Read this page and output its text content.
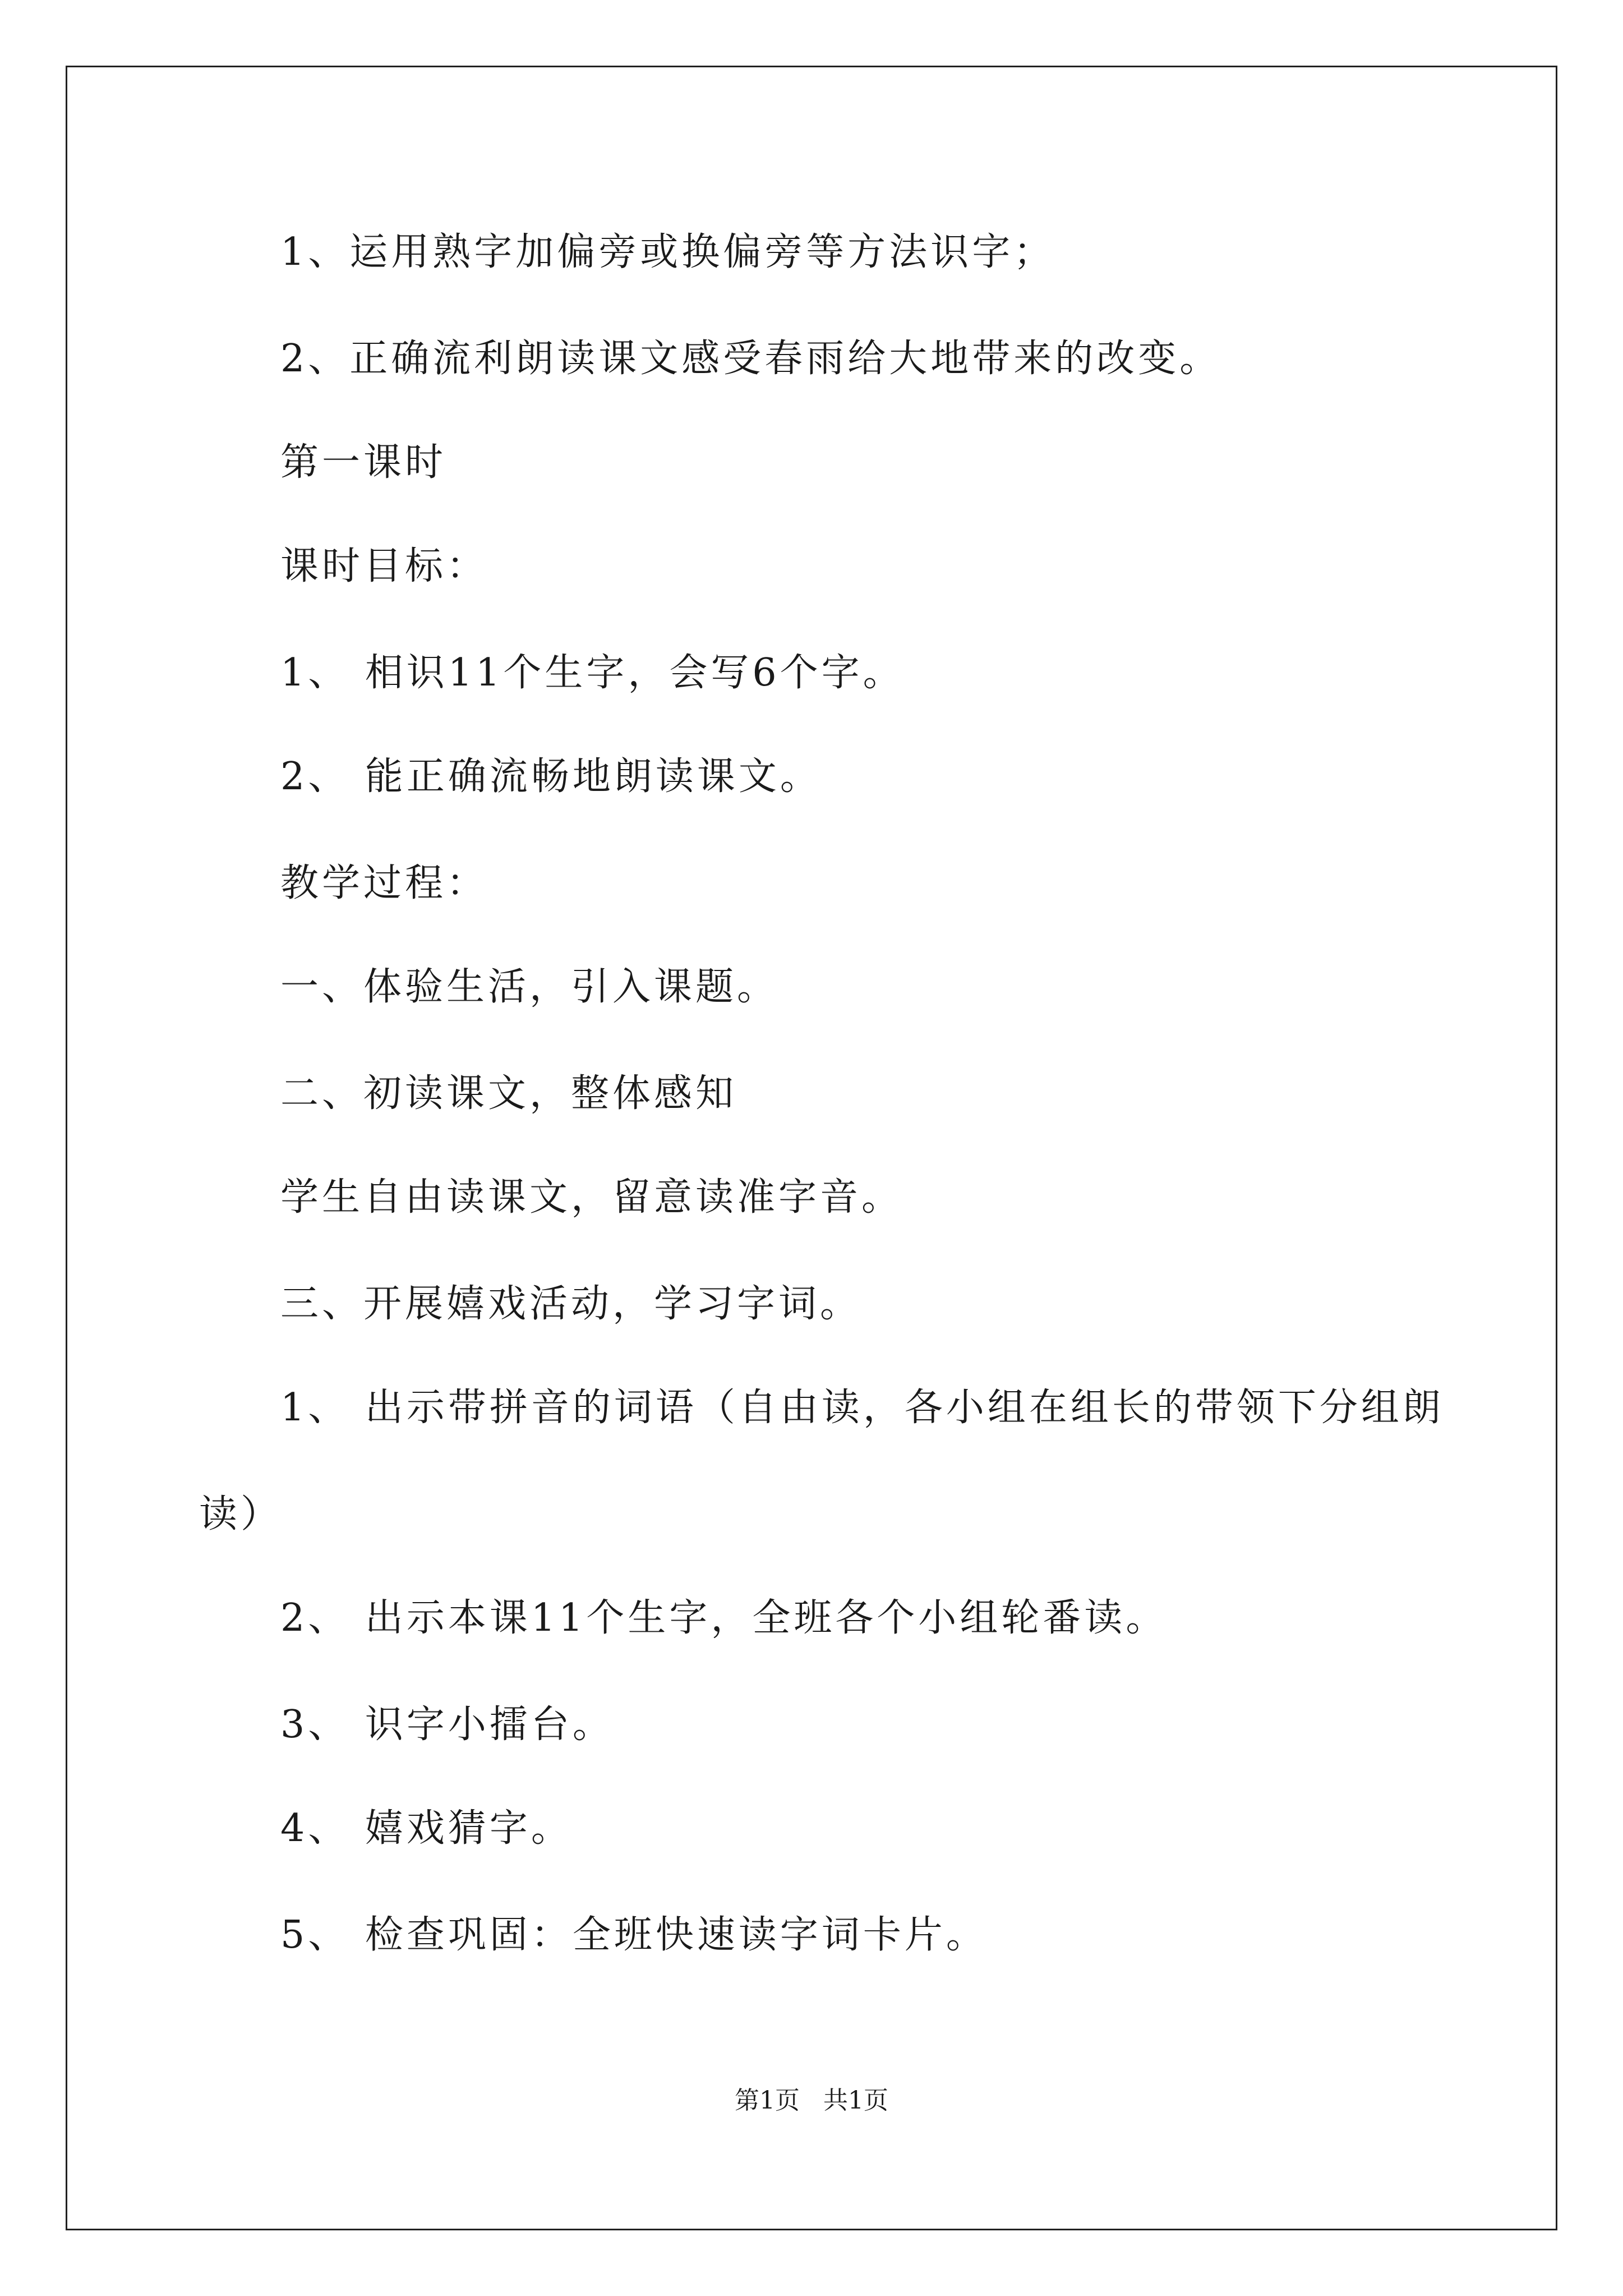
1、运用熟字加偏旁或换偏旁等方法识字；
2、正确流利朗读课文感受春雨给大地带来的改变。
第一课时
课时目标：
1、 相识11个生字，会写6个字。
2、 能正确流畅地朗读课文。
教学过程：
一、体验生活，引入课题。
二、初读课文，整体感知
学生自由读课文，留意读准字音。
三、开展嬉戏活动，学习字词。
1、 出示带拼音的词语（自由读，各小组在组长的带领下分组朗
读）
2、 出示本课11个生字，全班各个小组轮番读。
3、 识字小擂台。
4、 嬉戏猜字。
5、 检查巩固：全班快速读字词卡片。
第1页   共1页
